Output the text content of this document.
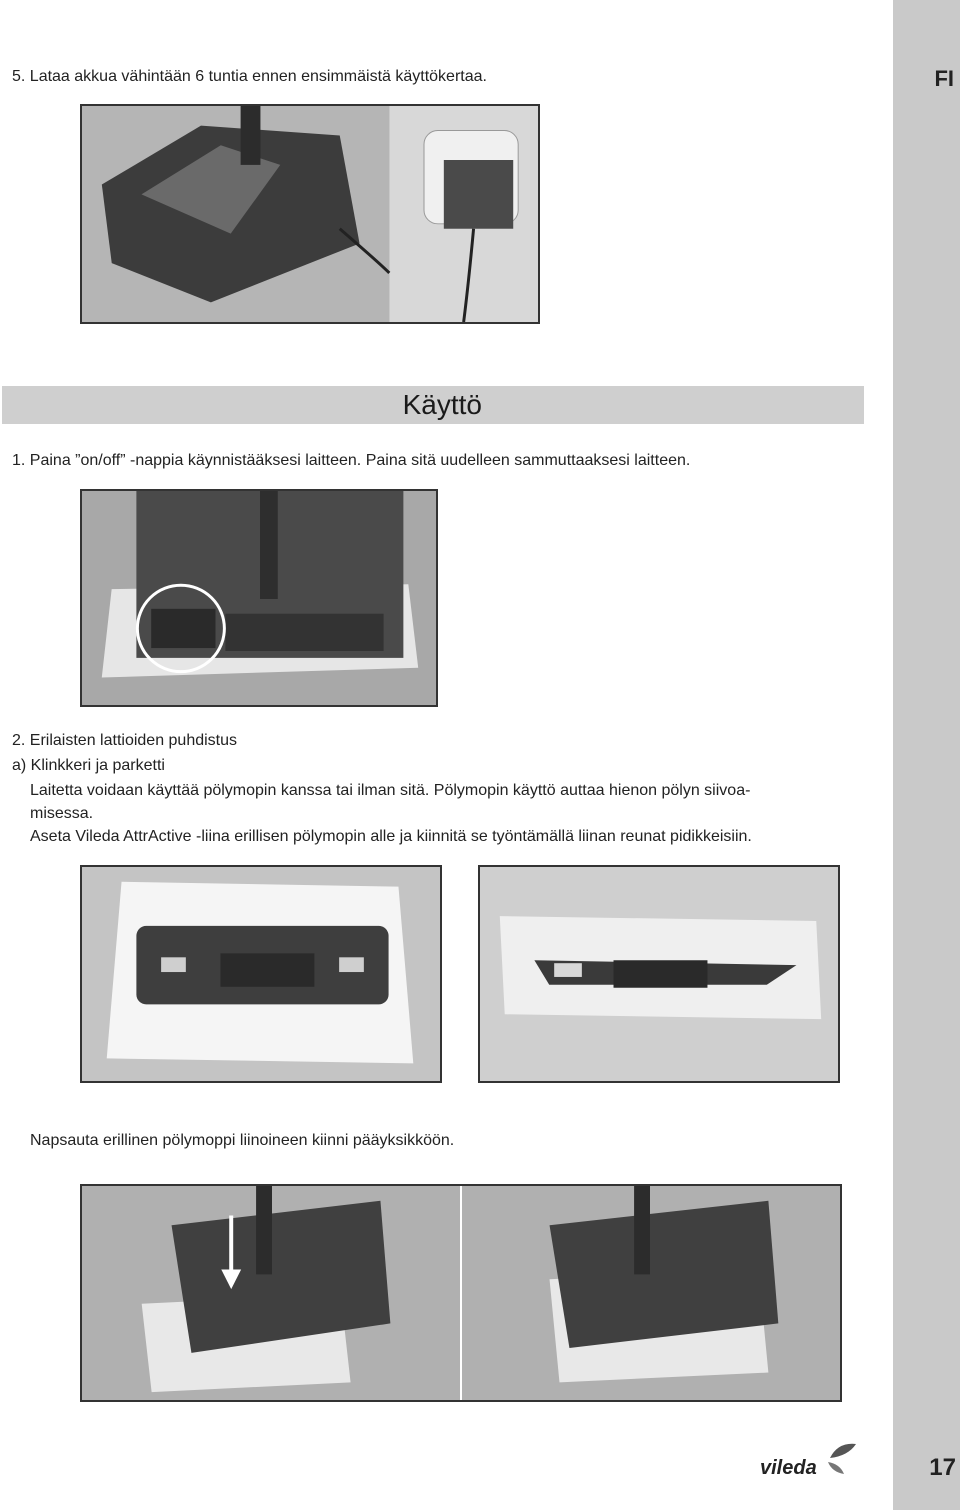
FI
5. Lataa akkua vähintään 6 tuntia ennen ensimmäistä käyttökertaa.
Käyttö
1. Paina ”on/off” -nappia käynnistääksesi laitteen. Paina sitä uudelleen sammuttaaksesi laitteen.
2. Erilaisten lattioiden puhdistus
a) Klinkkeri ja parketti
Laitetta voidaan käyttää pölymopin kanssa tai ilman sitä. Pölymopin käyttö auttaa hienon pölyn siivoa-
misessa.
Aseta Vileda AttrActive -liina erillisen pölymopin alle ja kiinnitä se työntämällä liinan reunat pidikkeisiin.
Napsauta erillinen pölymoppi liinoineen kiinni pääyksikköön.
vileda	17
